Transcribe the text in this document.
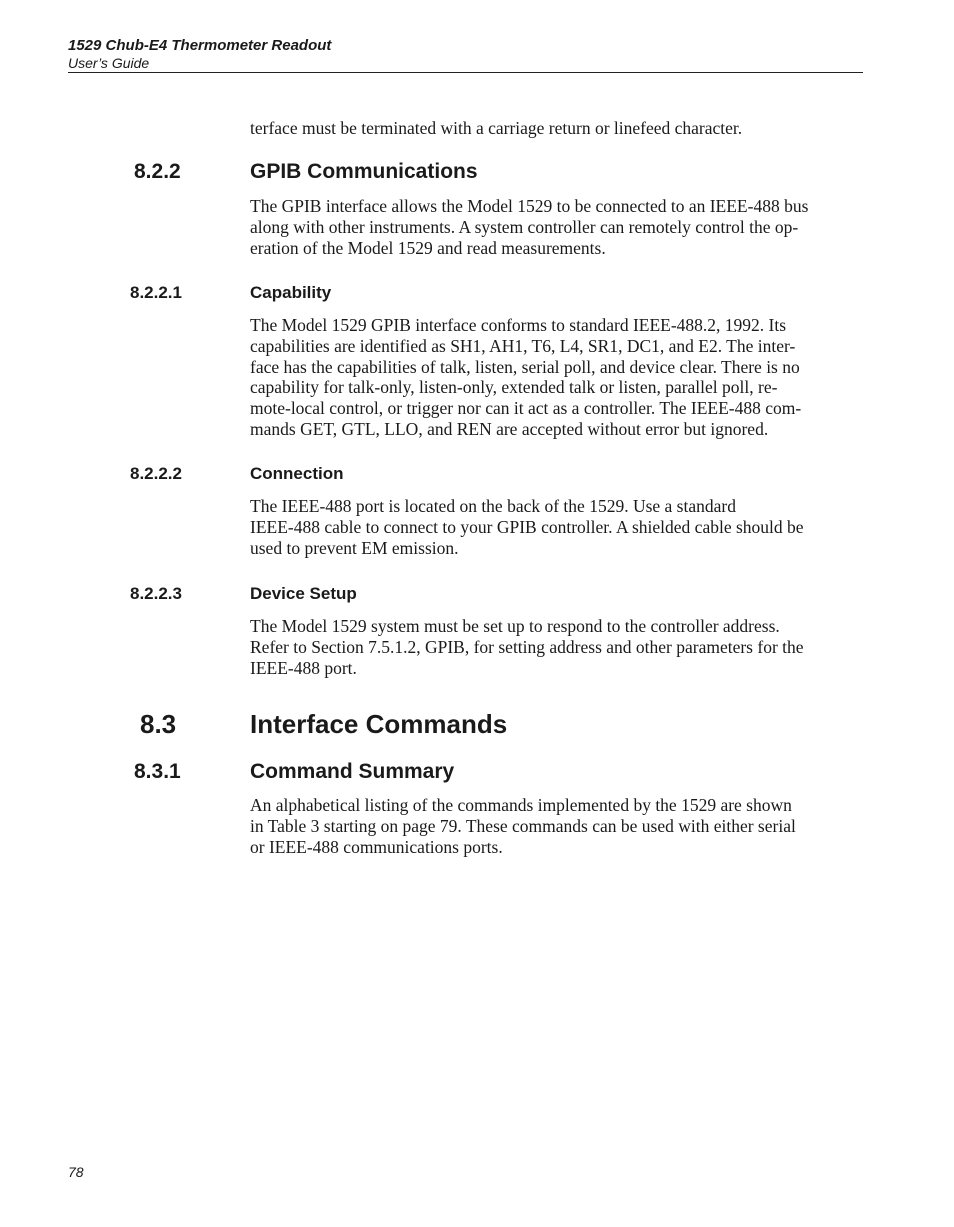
1529 Chub-E4 Thermometer Readout
User’s Guide

terface must be terminated with a carriage return or linefeed character.

8.2.2	GPIB Communications

The GPIB interface allows the Model 1529 to be connected to an IEEE-488 bus
along with other instruments. A system controller can remotely control the op-
eration of the Model 1529 and read measurements.

8.2.2.1	Capability

The Model 1529 GPIB interface conforms to standard IEEE-488.2, 1992. Its
capabilities are identified as SH1, AH1, T6, L4, SR1, DC1, and E2. The inter-
face has the capabilities of talk, listen, serial poll, and device clear. There is no
capability for talk-only, listen-only, extended talk or listen, parallel poll, re-
mote-local control, or trigger nor can it act as a controller. The IEEE-488 com-
mands GET, GTL, LLO, and REN are accepted without error but ignored.

8.2.2.2	Connection

The IEEE-488 port is located on the back of the 1529. Use a standard
IEEE-488 cable to connect to your GPIB controller. A shielded cable should be
used to prevent EM emission.

8.2.2.3	Device Setup

The Model 1529 system must be set up to respond to the controller address.
Refer to Section 7.5.1.2, GPIB, for setting address and other parameters for the
IEEE-488 port.

8.3	Interface Commands
8.3.1	Command Summary

An alphabetical listing of the commands implemented by the 1529 are shown
in Table 3 starting on page 79. These commands can be used with either serial
or IEEE-488 communications ports.

78
